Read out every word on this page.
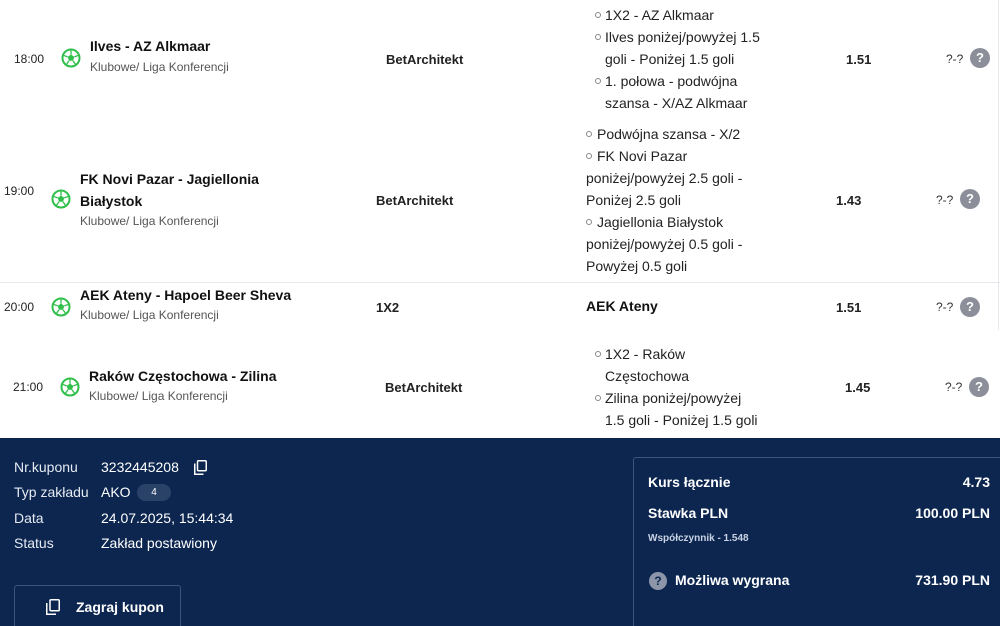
18:00
Ilves - AZ Alkmaar
Klubowe/ Liga Konferencji	BetArchitekt
1X2 - AZ Alkmaar
Ilves poniżej/powyżej 1.5 goli - Poniżej 1.5 goli
1. połowa - podwójna szansa - X/AZ Alkmaar
1.51	?-? ?
19:00
FK Novi Pazar - Jagiellonia Białystok
Klubowe/ Liga Konferencji
BetArchitekt
Podwójna szansa - X/2
FK Novi Pazar poniżej/powyżej 2.5 goli - Poniżej 2.5 goli
Jagiellonia Białystok poniżej/powyżej 0.5 goli - Powyżej 0.5 goli
1.43	?-? ?
20:00
AEK Ateny - Hapoel Beer Sheva
Klubowe/ Liga Konferencji	1X2	AEK Ateny	1.51	?-? ?
21:00
Raków Częstochowa - Zilina
Klubowe/ Liga Konferencji
BetArchitekt
1X2 - Raków Częstochowa
Zilina poniżej/powyżej 1.5 goli - Poniżej 1.5 goli
1.45	?-? ?
Nr.kuponu 3232445208
Typ zakładu AKO	4
Data	24.07.2025, 15:44:34
Status	Zakład postawiony
Zagraj kupon
Kurs łącznie	4.73
Stawka PLN	100.00 PLN
Współczynnik - 1.548
? Możliwa wygrana	731.90 PLN
